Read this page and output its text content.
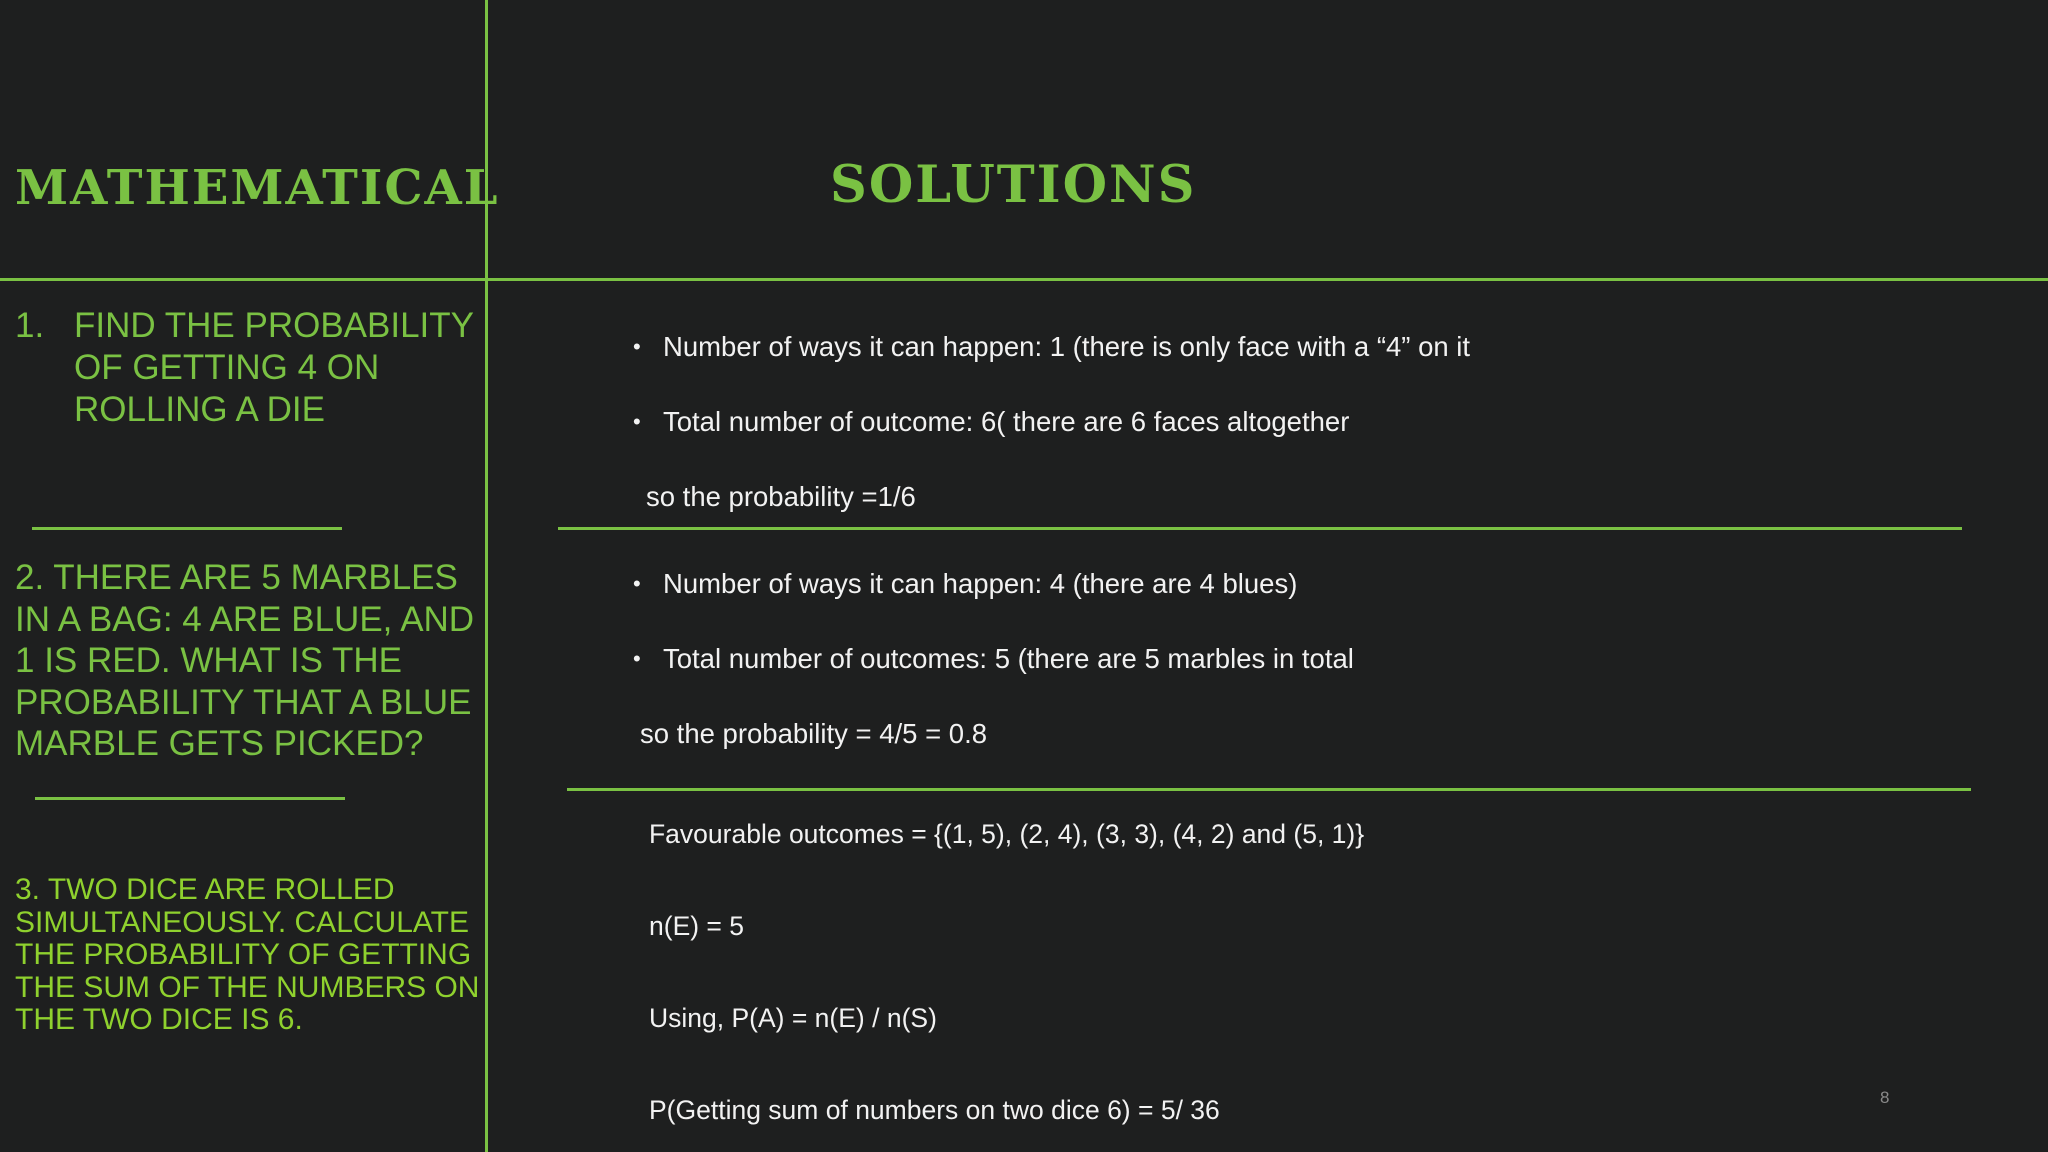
MATHEMATICAL	SOLUTIONS
1. FIND THE PROBABILITY OF GETTING 4 ON ROLLING A DIE
2. THERE ARE 5 MARBLES IN A BAG: 4 ARE BLUE, AND 1 IS RED. WHAT IS THE PROBABILITY THAT A BLUE MARBLE GETS PICKED?
3. TWO DICE ARE ROLLED SIMULTANEOUSLY. CALCULATE THE PROBABILITY OF GETTING THE SUM OF THE NUMBERS ON THE TWO DICE IS 6.
• Number of ways it can happen: 1 (there is only face with a “4” on it
• Total number of outcome: 6( there are 6 faces altogether
so the probability =1/6
• Number of ways it can happen: 4 (there are 4 blues)
• Total number of outcomes: 5 (there are 5 marbles in total
so the probability = 4/5 = 0.8
Favourable outcomes = {(1, 5), (2, 4), (3, 3), (4, 2) and (5, 1)}
n(E) = 5
Using, P(A) = n(E) / n(S)
P(Getting sum of numbers on two dice 6) = 5/ 36	8
